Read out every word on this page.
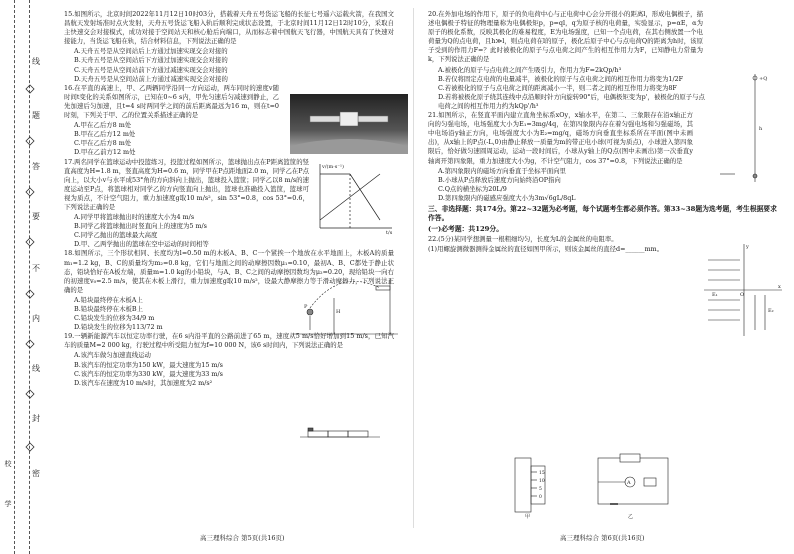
线
题
答
要
不
内
线
封
密
校
学

15.如图所示，北京时间2022年11月12日10时03分，搭载着天舟五号货运飞船的长征七号遥六运载火箭，在我国文昌航天发射场准时点火发射，天舟五号货运飞船入轨后顺利完成状态设置，于北京时间11月12日12时10分，采取自主快速交会对接模式，成功对接于空间站天和核心舱后向端口，从而标志着中国航天飞行器，中国航天具有了快速对接能力，当货运飞船在轨，结合材料信息，下列说法正确的是

A.天舟五号是从空间站后上方通过加速实现交会对接的

B.天舟五号是从空间站后下方通过加速实现交会对接的

C.天舟五号是从空间站前下方通过减速实现交会对接的

D.天舟五号是从空间站前上方通过减速实现交会对接的

16.在平直的高速上，甲、乙两辆同学沿同一方向运动，两车同时的速度v随时间t变化的关系如图所示，已知在0~6 s内，甲先匀速后匀减速到静止，乙先加速后匀加速，且t=4 s时两同学之间的前后距离最远为16 m，则在t=0时刻，下列关于甲、乙的位置关系描述正确的是

A.甲在乙后方8 m处

B.甲在乙后方12 m处

C.甲在乙后方8 m处

D.甲在乙前方12 m处

17.两名同学在篮球运动中投篮练习，投篮过程如图所示，篮球抛出点在P距离篮筐的竖直高度为H=1.8 m，竖直高度为H=0.6 m，同学甲在P点距地面2.0 m，同学乙在P点向上，以大小v与水平成53°角的方向斜向上抛出，篮球投入篮筐；同学乙以8 m/s的速度运动至P点，将篮球相对同学乙的方向竖直向上抛出，篮球也准确投入篮筐，篮球可视为质点，不计空气阻力，重力加速度g取10 m/s²，sin 53°=0.8，cos 53°=0.6，下列说法正确的是

A.同学甲将篮球抛出时的速度大小为4 m/s

B.同学乙将篮球抛出时竖直向上的速度为5 m/s

C.同学乙抛出的篮球最大高度

D.甲、乙两学抛出的篮球在空中运动的时间相等

18.如图所示，三个形状相同、长度均为l=0.50 m的木板A、B、C一个紧挨一个地放在水平地面上，木板A的质量m₁=1.2 kg，B、C的质量均为m₂=0.8 kg，它们与地面之间的动摩擦因数μ₁=0.10，最初A、B、C都处于静止状态，铅块恰好在A板左端，质量m=1.0 kg的小铅块，与A、B、C之间的动摩擦因数均为μ₂=0.20，现给铅块一向右的初速度v₀=2.5 m/s，使其在木板上滑行，重力加速度g取10 m/s²，设最大静摩擦力等于滑动摩擦力，下列说法正确的是

A.铅块最终停在木板A上

B.铅块最终停在木板B上

C.铅块发生的位移为34/9 m

D.铅块发生的位移为113/72 m

19.一辆新能源汽车以恒定功率行驶，在6 s内沿平直的公路前进了65 m，速度从5 m/s恰好增加到15 m/s，已知汽车的质量M=2 000 kg，行驶过程中所受阻力恒为f=10 000 N，该6 s时间内，下列说法正确的是

A.该汽车做匀加速直线运动

B.该汽车的恒定功率为150 kW，最大速度为15 m/s

C.该汽车的恒定功率为330 kW，最大速度为33 m/s

D.该汽车在速度为10 m/s时，其加速度为2 m/s²

v/(m·s⁻¹)
t/s
H
P

20.在外加电场的作用下，原子的负电荷中心与正电荷中心会分开很小的距离l，形成电偶极子，描述电偶极子特征的物理量称为电偶极矩p，p=ql，q为原子核的电荷量，实验显示，p=αE，α为原子的极化系数，反映其极化的难易程度，E为电场强度，已知一个点电荷，在其右侧放置一个电荷量为Q的点电荷，且h≫l，则点电荷在l的原子，极化后原子中心与点电荷Q的距离为h时，该原子受到的作用力F=？此时被极化的原子与点电荷之间产生的相互作用力为F，已知静电力常量为k，下列说法正确的是

A.被极化的原子与点电荷之间产生吸引力，作用力为F=2kQp/h³

B.若仅将固定点电荷的电量减半，被极化的原子与点电荷之间的相互作用力将变为1/2F

C.若被极化的原子与点电荷之间的距离减小一半，则二者之间的相互作用力将变为8F

D.若将被极化原子绕其连线中点沿顺时针方向旋转90°后，电偶极矩变为p'，被极化的原子与点电荷之间的相互作用力约为kQp'/h³

21.如图所示，在竖直平面内建立直角坐标系xOy，x轴水平，在第二、三象限存在沿x轴正方向的匀强电场，电场强度大小为E₁=3mg/4q，在第四象限内存在着匀强电场和匀强磁场，其中电场沿y轴正方向，电场强度大小为E₂=mg/q，磁场方向垂直坐标系所在平面(图中未画出)，从x轴上的P点(-L,0)由静止释放一质量为m的带正电小球(可视为质点)，小球进入第四象限后，恰好做匀速圆周运动，运动一段时间后，小球从y轴上的Q点(图中未画出)第一次垂直y轴离开第四象限，重力加速度大小为g，不计空气阻力，cos 37°=0.8，下列说法正确的是

A.第四象限内的磁场方向垂直于坐标平面向里

B.小球从P点释放后速度方向始终沿OP指向

C.Q点的横坐标为20L/9

D.第四象限内的磁感应强度大小为3m√6gL/8qL

三、非选择题：共174分。第22~32题为必考题，每个试题考生都必须作答。第33~38题为选考题，考生根据要求作答。

(一)必考题：共129分。

22.(5分)某同学想测量一根粗细均匀，长度为L的金属丝的电阻率。

(1)用螺旋测微器测得金属丝的直径如图甲所示，则该金属丝的直径d=______mm。

+Q
h
x
y
E₁
E₂
O
15
10
5
0
甲
A
乙
高三理科综合 第5页(共16页)	高三理科综合 第6页(共16页)
